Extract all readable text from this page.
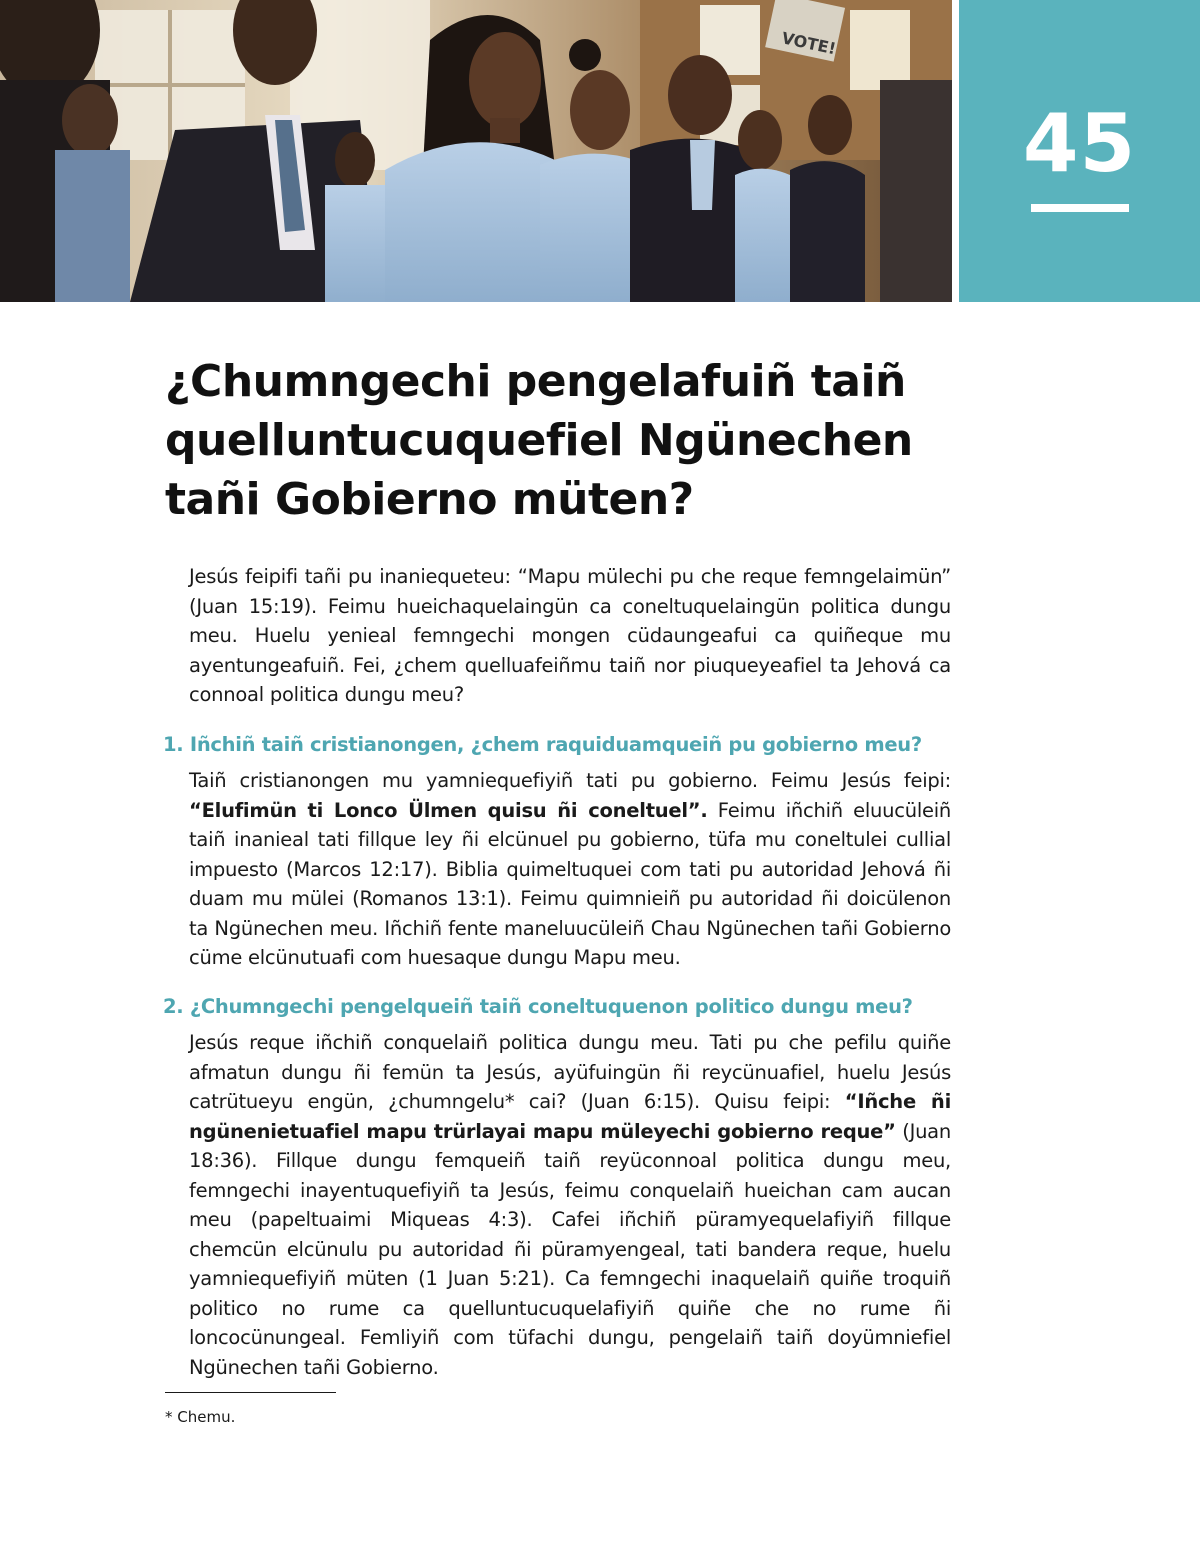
VOTE!
45
¿Chumngechi pengelafuiñ taiñ quelluntucuquefiel Ngünechen tañi Gobierno müten?

Jesús feipifi tañi pu inaniequeteu: “Mapu mülechi pu che reque femngelaimün” (Juan 15:19). Feimu hueichaquelaingün ca coneltuquelaingün politica dungu meu. Huelu yenieal femngechi mongen cüdaungeafui ca quiñeque mu ayentungeafuiñ. Fei, ¿chem quelluafeiñmu taiñ nor piuqueyeafiel ta Jehová ca connoal politica dungu meu?

1. Iñchiñ taiñ cristianongen, ¿chem raquiduamqueiñ pu gobierno meu?

Taiñ cristianongen mu yamniequefiyiñ tati pu gobierno. Feimu Jesús feipi: “Elufimün ti Lonco Ülmen quisu ñi coneltuel”. Feimu iñchiñ eluucüleiñ taiñ inanieal tati fillque ley ñi elcünuel pu gobierno, tüfa mu coneltulei cullial impuesto (Marcos 12:17). Biblia quimeltuquei com tati pu autoridad Jehová ñi duam mu mülei (Romanos 13:1). Feimu quimnieiñ pu autoridad ñi doicülenon ta Ngünechen meu. Iñchiñ fente maneluucüleiñ Chau Ngünechen tañi Gobierno cüme elcünutuafi com huesaque dungu Mapu meu.

2. ¿Chumngechi pengelqueiñ taiñ coneltuquenon politico dungu meu?

Jesús reque iñchiñ conquelaiñ politica dungu meu. Tati pu che pefilu quiñe afmatun dungu ñi femün ta Jesús, ayüfuingün ñi reycünuafiel, huelu Jesús catrütueyu engün, ¿chumngelu* cai? (Juan 6:15). Quisu feipi: “Iñche ñi ngünenietuafiel mapu trürlayai mapu müleyechi gobierno reque” (Juan 18:36). Fillque dungu femqueiñ taiñ reyüconnoal politica dungu meu, femngechi inayentuquefiyiñ ta Jesús, feimu conquelaiñ hueichan cam aucan meu (papeltuaimi Miqueas 4:3). Cafei iñchiñ püramyequelafiyiñ fillque chemcün elcünulu pu autoridad ñi püramyengeal, tati bandera reque, huelu yamniequefiyiñ müten (1 Juan 5:21). Ca femngechi inaquelaiñ quiñe troquiñ politico no rume ca quelluntucuquelafiyiñ quiñe che no rume ñi loncocünungeal. Femliyiñ com tüfachi dungu, pengelaiñ taiñ doyümniefiel Ngünechen tañi Gobierno.

* Chemu.
